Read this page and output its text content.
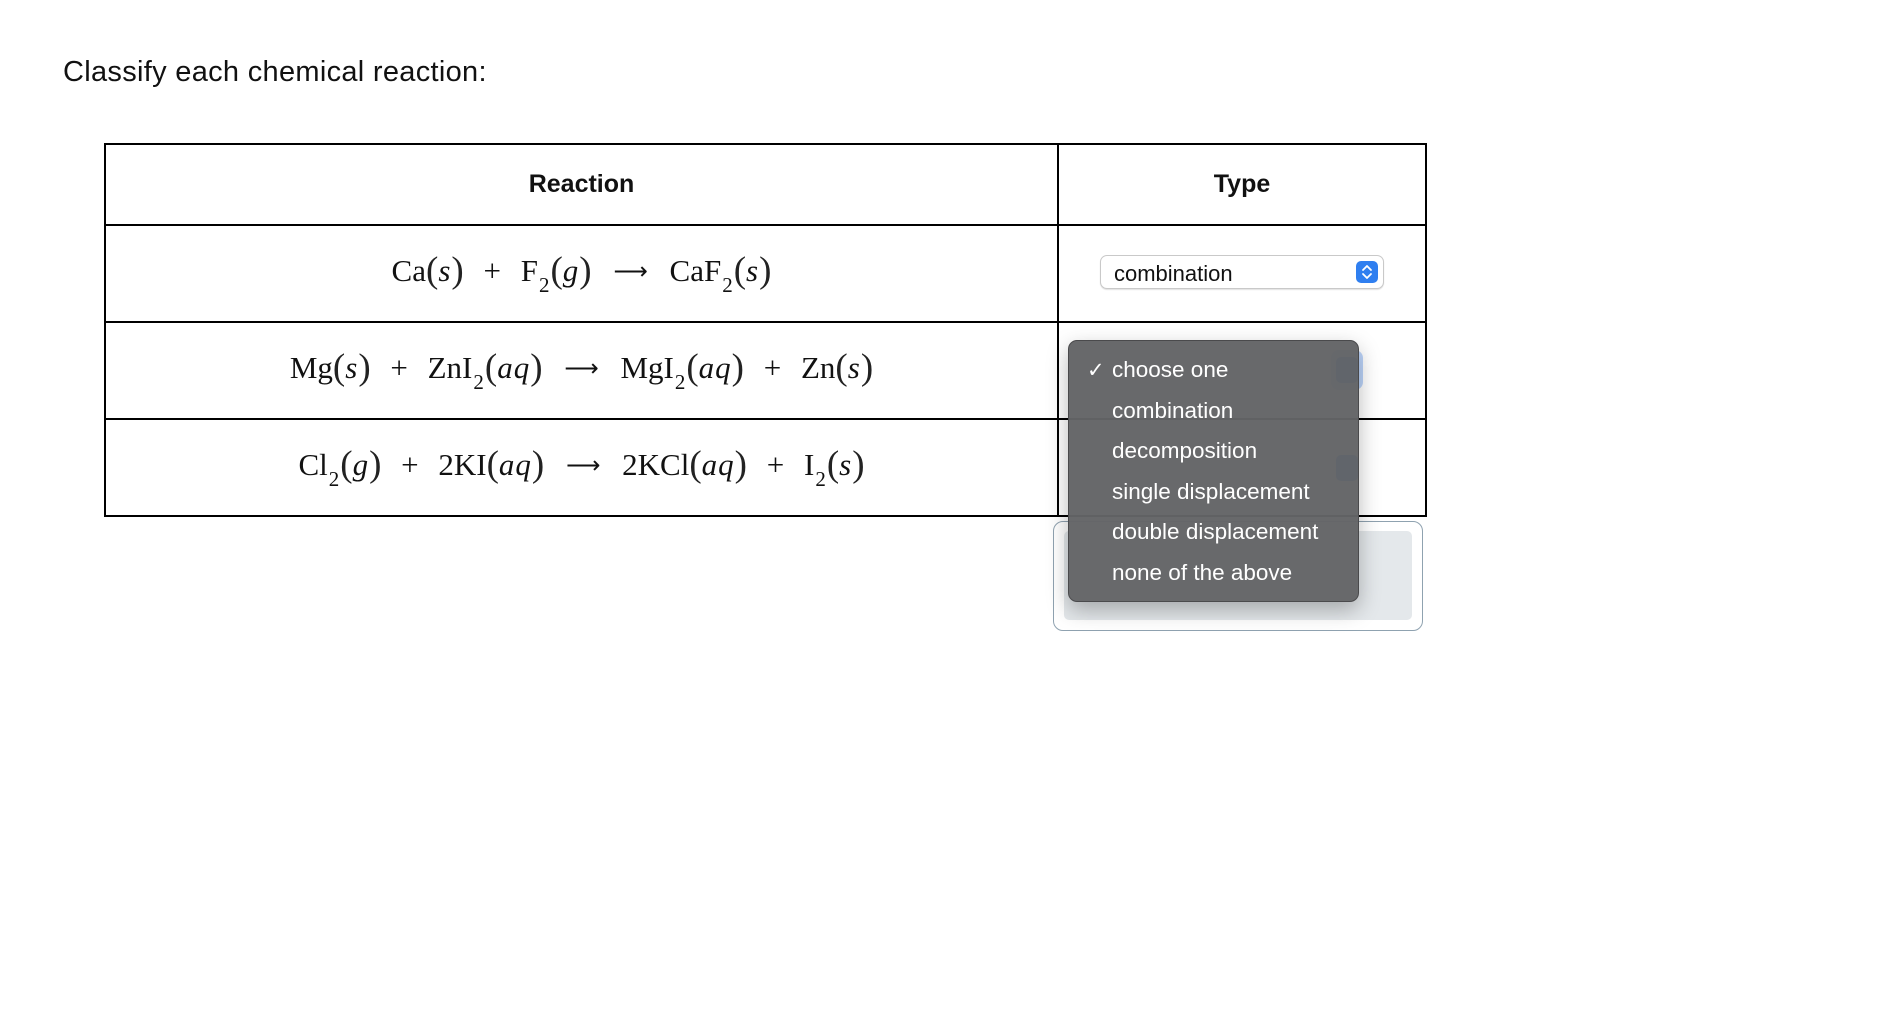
Classify each chemical reaction:
Reaction	Type
$Ca(s) + F_2(g)$ ⟶ CaF$_2$(s)	combination

Mg(s) + ZnI$_2$(aq) ⟶ MgI$_2$(aq) + Zn(s)	

$Cl_2(g) + 2KI(aq)$ ⟶ $2KCl(aq) + I_2(s)$	
✓ choose one
combination
decomposition
single displacement
double displacement
none of the above
